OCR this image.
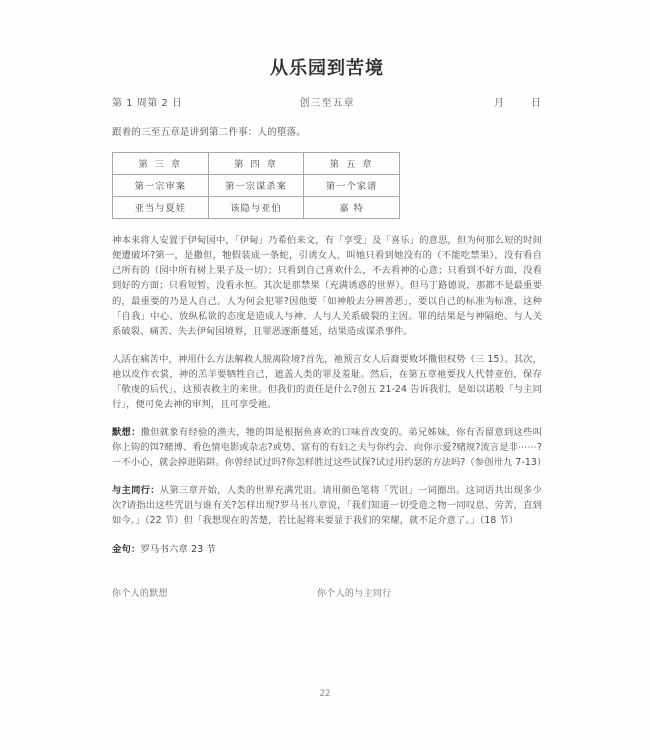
从乐园到苦境
第 1 周第 2 日	创三至五章	月	日

跟着的三至五章是讲到第二件事：人的堕落。

第 三 章	第 四 章	第 五 章
第一宗审案	第一宗谋杀案	第一个家谱
亚当与夏娃	该隐与亚伯	嘉 特

神本来将人安置于伊甸园中，「伊甸」乃希伯来文，有「享受」及「喜乐」的意思，但为何那么短的时间便遭破坏?第一，是撒但，牠假装成一条蛇，引诱女人，叫她只看到她没有的（不能吃禁果），没有看自己所有的（园中所有树上果子及一切）；只看到自己喜欢什么，不去看神的心意；只看到不好方面，没看到好的方面；只看短暂，没看永恒。其次是那禁果（充满诱惑的世界）。但马丁路德说，那都不是最重要的，最重要的乃是人自己。人为何会犯罪?因他要「如神般去分辨善恶」，要以自己的标准为标准，这种「自我」中心、放纵私欲的态度是造成人与神、人与人关系破裂的主因。罪的结果是与神隔绝、与人关系破裂、痛苦、失去伊甸园境界，且罪恶逐渐蔓延，结果造成谋杀事件。

人活在痛苦中，神用什么方法解救人脱离险境?首先，祂预言女人后裔要败坏撒但权势（三 15）。其次，祂以皮作衣裳，神的羔羊要牺牲自己，遮盖人类的罪及羞耻。然后，在第五章祂要找人代替亚伯，保存「敬虔的后代」，这预表救主的来世。但我们的责任是什么?创五 21-24 告诉我们，是如以诺般「与主同行」，便可免去神的审判，且可享受祂。

默想：撒但就象有经验的渔夫，牠的饵是根据鱼喜欢的口味首改变的。弟兄姊妹，你有否留意到这些叫你上钩的饵?赌博、看色情电影或杂志?或势、富有的有妇之夫与你约会、向你示爱?赌规?流言是非⋯⋯?一不小心，就会掉进陷阱。你曾经试过吗?你怎样胜过这些试探?试过用约瑟的方法吗?（参创卅九 7-13）

与主同行：从第三章开始，人类的世界充满咒诅。请用颜色笔将「咒诅」一词圈出。这词语共出现多少次?请指出这些咒诅与谁有关?怎样出现?罗马书八章说，「我们知道一切受造之物一同叹息、劳苦，直到如今。」（22 节）但「我想现在的苦楚，若比起将来要显于我们的荣耀，就不足介意了。」（18 节）

金句：罗马书六章 23 节

你个人的默想	你个人的与主同行
22
